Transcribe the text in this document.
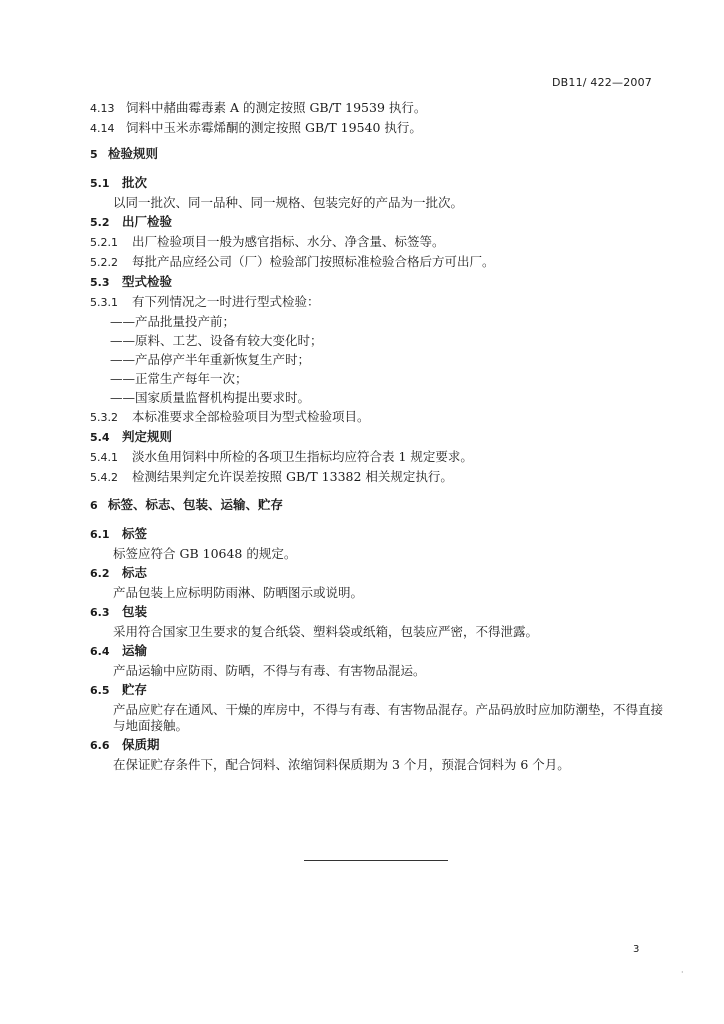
DB11/ 422—2007
4.13 饲料中赭曲霉毒素 A 的测定按照 GB/T 19539 执行。
4.14 饲料中玉米赤霉烯酮的测定按照 GB/T 19540 执行。
5 检验规则
5.1 批次
以同一批次、同一品种、同一规格、包装完好的产品为一批次。
5.2 出厂检验
5.2.1 出厂检验项目一般为感官指标、水分、净含量、标签等。
5.2.2 每批产品应经公司（厂）检验部门按照标准检验合格后方可出厂。
5.3 型式检验
5.3.1 有下列情况之一时进行型式检验：
——产品批量投产前；
——原料、工艺、设备有较大变化时；
——产品停产半年重新恢复生产时；
——正常生产每年一次；
——国家质量监督机构提出要求时。
5.3.2 本标准要求全部检验项目为型式检验项目。
5.4 判定规则
5.4.1 淡水鱼用饲料中所检的各项卫生指标均应符合表 1 规定要求。
5.4.2 检测结果判定允许误差按照 GB/T 13382 相关规定执行。
6 标签、标志、包装、运输、贮存
6.1 标签
标签应符合 GB 10648 的规定。
6.2 标志
产品包装上应标明防雨淋、防晒图示或说明。
6.3 包装
采用符合国家卫生要求的复合纸袋、塑料袋或纸箱，包装应严密，不得泄露。
6.4 运输
产品运输中应防雨、防晒，不得与有毒、有害物品混运。
6.5 贮存
产品应贮存在通风、干燥的库房中，不得与有毒、有害物品混存。产品码放时应加防潮垫，不得直接与地面接触。
6.6 保质期
在保证贮存条件下，配合饲料、浓缩饲料保质期为 3 个月，预混合饲料为 6 个月。
3
·
